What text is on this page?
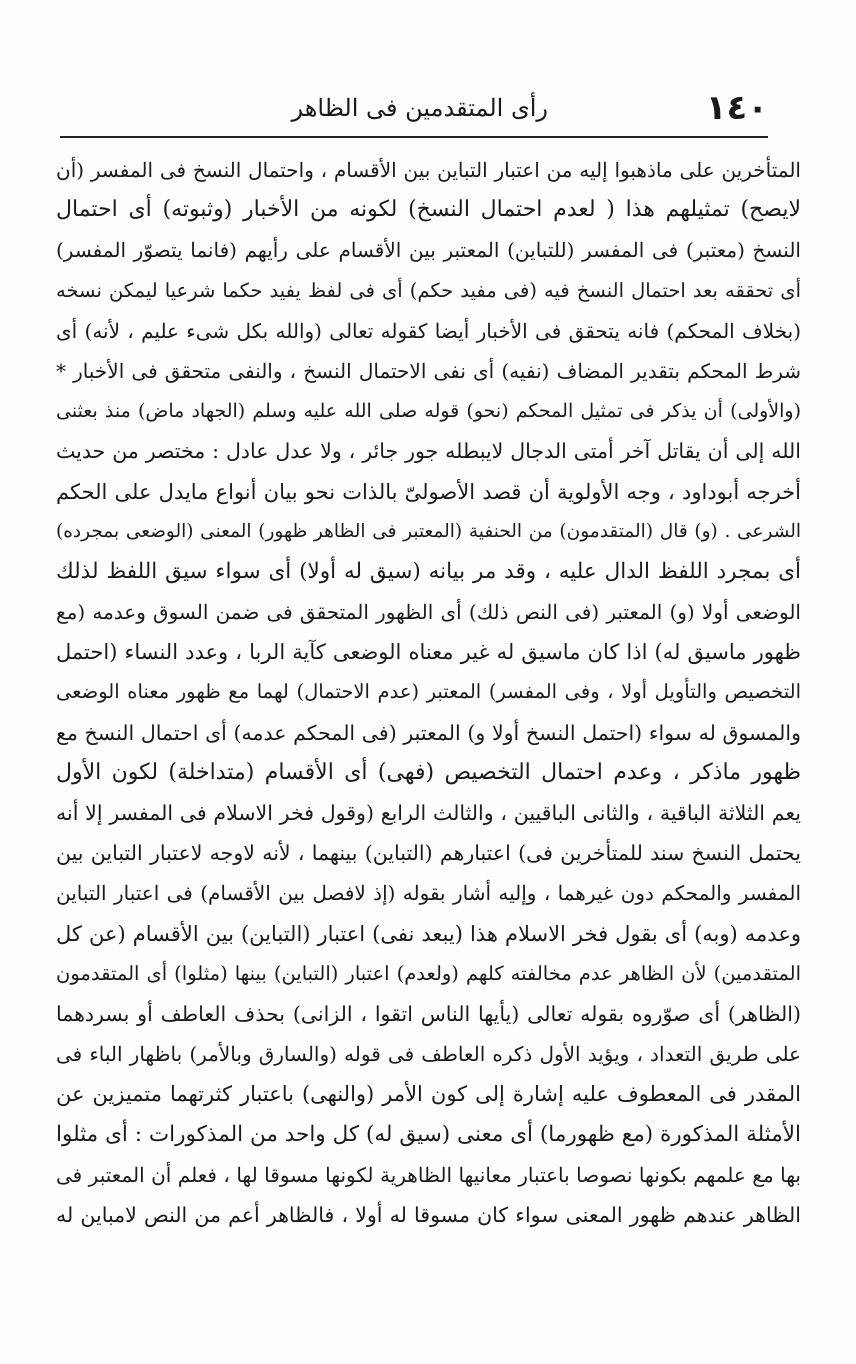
١٤٠
رأى المتقدمين فى الظاهر
المتأخرين على ماذهبوا إليه من اعتبار التباين بين الأقسام ، واحتمال النسخ فى المفسر (أن
لايصح) تمثيلهم هذا ( لعدم احتمال النسخ) لكونه من الأخبار (وثبوته) أى احتمال
النسخ (معتبر) فى المفسر (للتباين) المعتبر بين الأقسام على رأيهم (فانما يتصوّر المفسر)
أى تحققه بعد احتمال النسخ فيه (فى مفيد حكم) أى فى لفظ يفيد حكما شرعيا ليمكن نسخه
(بخلاف المحكم) فانه يتحقق فى الأخبار أيضا كقوله تعالى (والله بكل شىء عليم ، لأنه) أى
شرط المحكم بتقدير المضاف (نفيه) أى نفى الاحتمال النسخ ، والنفى متحقق فى الأخبار *
(والأولى) أن يذكر فى تمثيل المحكم (نحو) قوله صلى الله عليه وسلم (الجهاد ماض) منذ بعثنى
الله إلى أن يقاتل آخر أمتى الدجال لايبطله جور جائر ، ولا عدل عادل : مختصر من حديث
أخرجه أبوداود ، وجه الأولوية أن قصد الأصولىّ بالذات نحو بيان أنواع مايدل على الحكم
الشرعى . (و) قال (المتقدمون) من الحنفية (المعتبر فى الظاهر ظهور) المعنى (الوضعى بمجرده)
أى بمجرد اللفظ الدال عليه ، وقد مر بيانه (سيق له أولا) أى سواء سيق اللفظ لذلك
الوضعى أولا (و) المعتبر (فى النص ذلك) أى الظهور المتحقق فى ضمن السوق وعدمه (مع
ظهور ماسيق له) اذا كان ماسيق له غير معناه الوضعى كآية الربا ، وعدد النساء (احتمل
التخصيص والتأويل أولا ، وفى المفسر) المعتبر (عدم الاحتمال) لهما مع ظهور معناه الوضعى
والمسوق له سواء (احتمل النسخ أولا و) المعتبر (فى المحكم عدمه) أى احتمال النسخ مع
ظهور ماذكر ، وعدم احتمال التخصيص (فهى) أى الأقسام (متداخلة) لكون الأول
يعم الثلاثة الباقية ، والثانى الباقيين ، والثالث الرابع (وقول فخر الاسلام فى المفسر إلا أنه
يحتمل النسخ سند للمتأخرين فى) اعتبارهم (التباين) بينهما ، لأنه لاوجه لاعتبار التباين بين
المفسر والمحكم دون غيرهما ، وإليه أشار بقوله (إذ لافصل بين الأقسام) فى اعتبار التباين
وعدمه (وبه) أى بقول فخر الاسلام هذا (يبعد نفى) اعتبار (التباين) بين الأقسام (عن كل
المتقدمين) لأن الظاهر عدم مخالفته كلهم (ولعدم) اعتبار (التباين) بينها (مثلوا) أى المتقدمون
(الظاهر) أى صوّروه بقوله تعالى (يأيها الناس اتقوا ، الزانى) بحذف العاطف أو بسردهما
على طريق التعداد ، ويؤيد الأول ذكره العاطف فى قوله (والسارق وبالأمر) باظهار الباء فى
المقدر فى المعطوف عليه إشارة إلى كون الأمر (والنهى) باعتبار كثرتهما متميزين عن
الأمثلة المذكورة (مع ظهورما) أى معنى (سيق له) كل واحد من المذكورات : أى مثلوا
بها مع علمهم بكونها نصوصا باعتبار معانيها الظاهرية لكونها مسوقا لها ، فعلم أن المعتبر فى
الظاهر عندهم ظهور المعنى سواء كان مسوقا له أولا ، فالظاهر أعم من النص لامباين له
